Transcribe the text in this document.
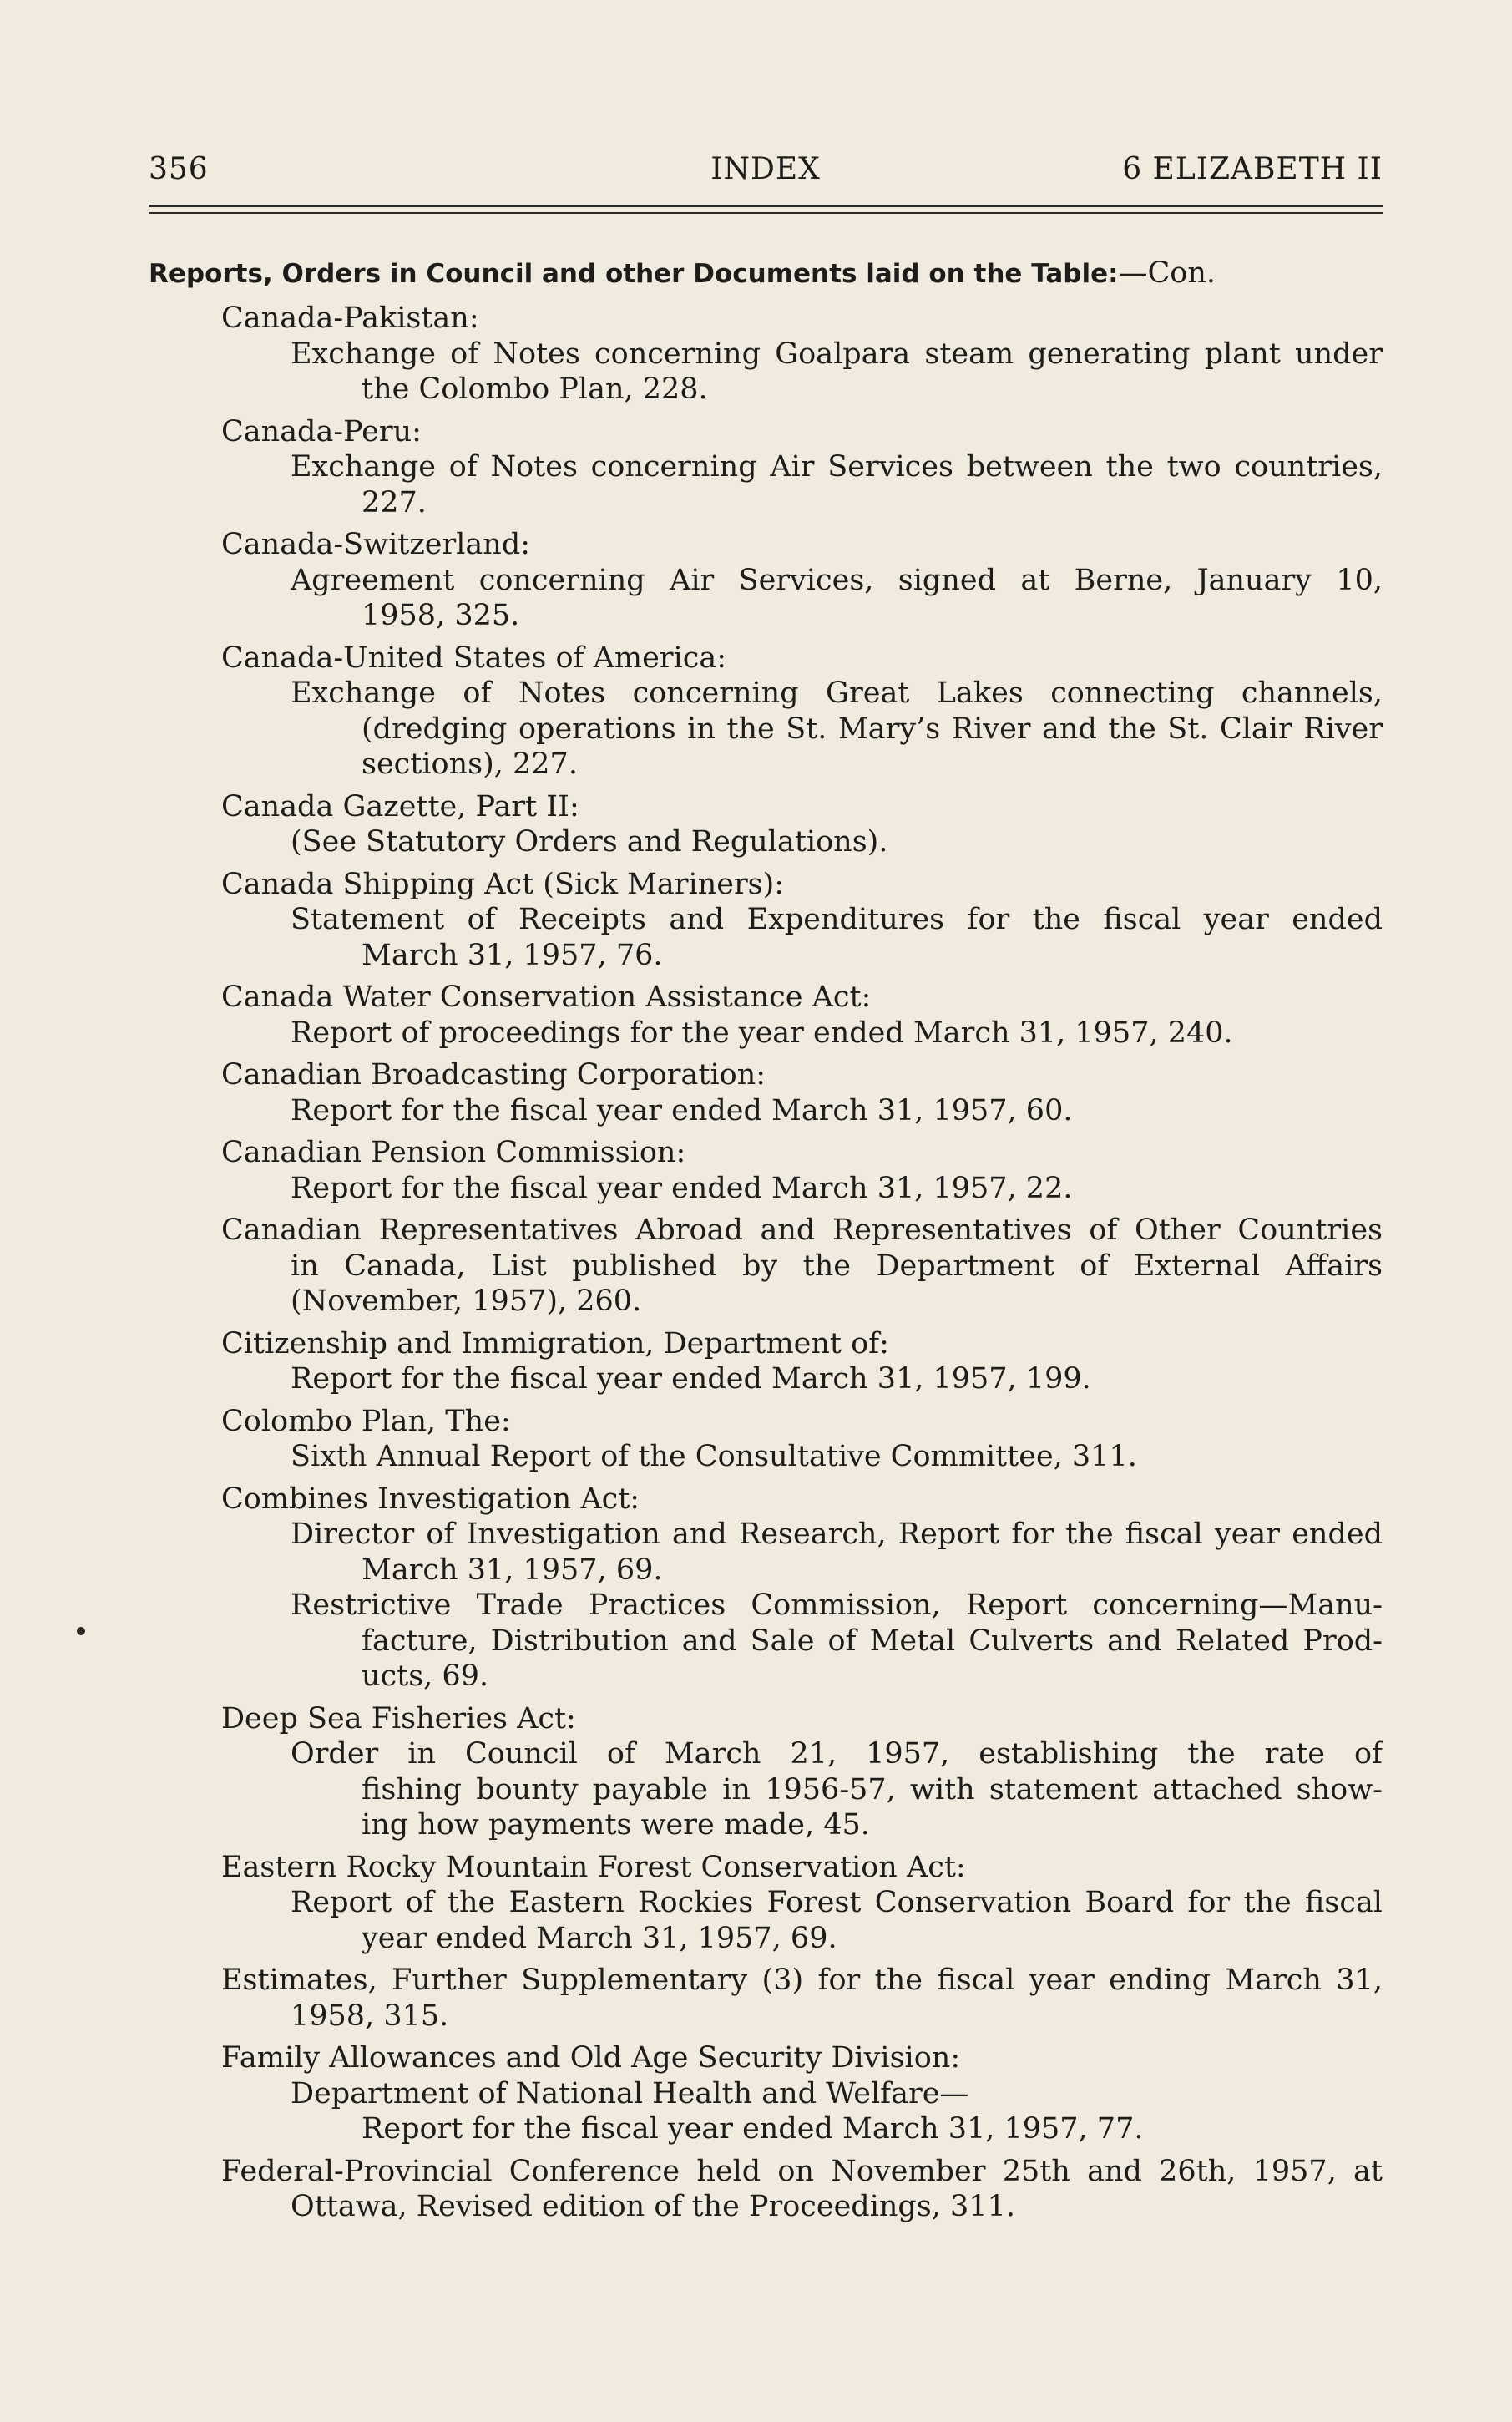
356	INDEX	6 ELIZABETH II
Reports, Orders in Council and other Documents laid on the Table:—Con.
Canada-Pakistan:
Exchange of Notes concerning Goalpara steam generating plant under
the Colombo Plan, 228.
Canada-Peru:
Exchange of Notes concerning Air Services between the two countries,
227.
Canada-Switzerland:
Agreement concerning Air Services, signed at Berne, January 10,
1958, 325.
Canada-United States of America:
Exchange of Notes concerning Great Lakes connecting channels,
(dredging operations in the St. Mary’s River and the St. Clair River
sections), 227.
Canada Gazette, Part II:
(See Statutory Orders and Regulations).
Canada Shipping Act (Sick Mariners):
Statement of Receipts and Expenditures for the fiscal year ended
March 31, 1957, 76.
Canada Water Conservation Assistance Act:
Report of proceedings for the year ended March 31, 1957, 240.
Canadian Broadcasting Corporation:
Report for the fiscal year ended March 31, 1957, 60.
Canadian Pension Commission:
Report for the fiscal year ended March 31, 1957, 22.
Canadian Representatives Abroad and Representatives of Other Countries
in Canada, List published by the Department of External Affairs
(November, 1957), 260.
Citizenship and Immigration, Department of:
Report for the fiscal year ended March 31, 1957, 199.
Colombo Plan, The:
Sixth Annual Report of the Consultative Committee, 311.
Combines Investigation Act:
Director of Investigation and Research, Report for the fiscal year ended
March 31, 1957, 69.
Restrictive Trade Practices Commission, Report concerning—Manu-
facture, Distribution and Sale of Metal Culverts and Related Prod-
ucts, 69.
Deep Sea Fisheries Act:
Order in Council of March 21, 1957, establishing the rate of
fishing bounty payable in 1956-57, with statement attached show-
ing how payments were made, 45.
Eastern Rocky Mountain Forest Conservation Act:
Report of the Eastern Rockies Forest Conservation Board for the fiscal
year ended March 31, 1957, 69.
Estimates, Further Supplementary (3) for the fiscal year ending March 31,
1958, 315.
Family Allowances and Old Age Security Division:
Department of National Health and Welfare—
Report for the fiscal year ended March 31, 1957, 77.
Federal-Provincial Conference held on November 25th and 26th, 1957, at
Ottawa, Revised edition of the Proceedings, 311.
